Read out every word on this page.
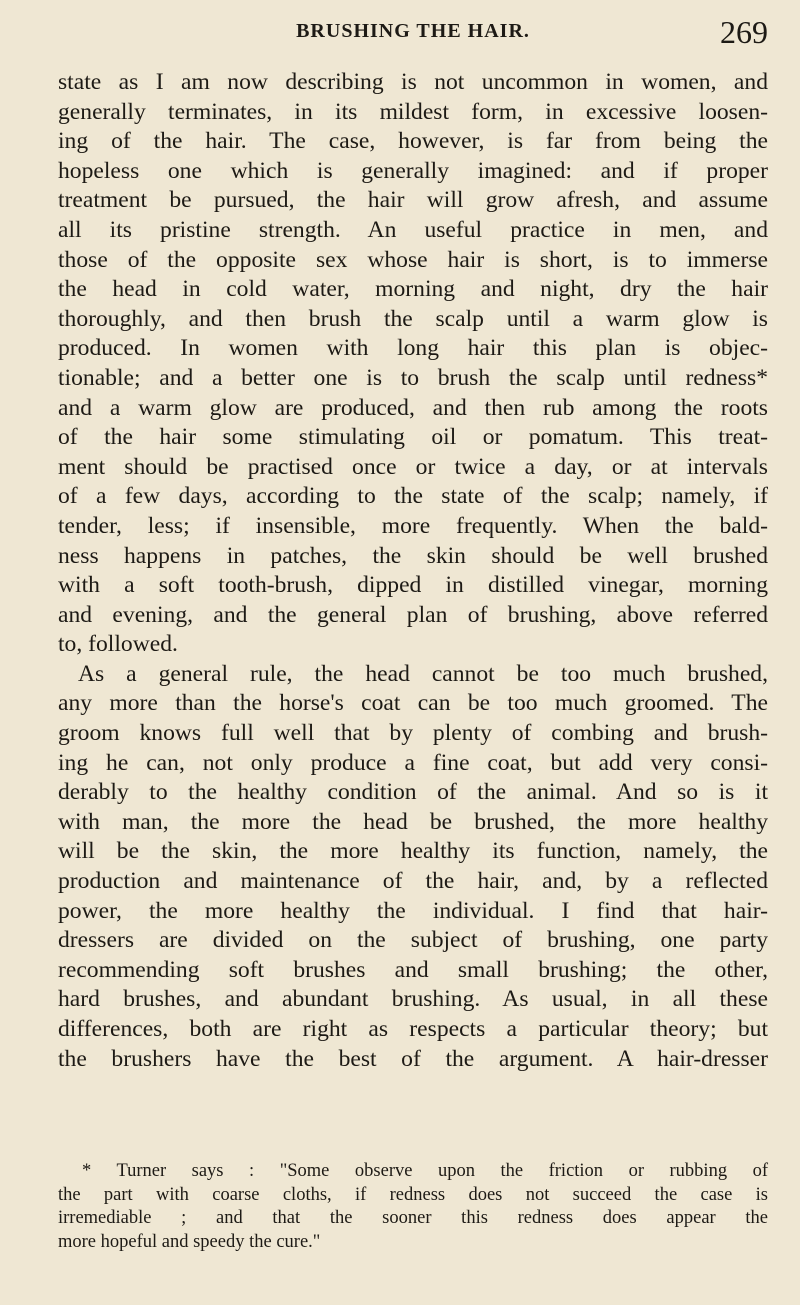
BRUSHING THE HAIR.	269

state as I am now describing is not uncommon in women, and

generally terminates, in its mildest form, in excessive loosen-

ing of the hair. The case, however, is far from being the

hopeless one which is generally imagined: and if proper

treatment be pursued, the hair will grow afresh, and assume

all its pristine strength. An useful practice in men, and

those of the opposite sex whose hair is short, is to immerse

the head in cold water, morning and night, dry the hair

thoroughly, and then brush the scalp until a warm glow is

produced. In women with long hair this plan is objec-

tionable; and a better one is to brush the scalp until redness*

and a warm glow are produced, and then rub among the roots

of the hair some stimulating oil or pomatum. This treat-

ment should be practised once or twice a day, or at intervals

of a few days, according to the state of the scalp; namely, if

tender, less; if insensible, more frequently. When the bald-

ness happens in patches, the skin should be well brushed

with a soft tooth-brush, dipped in distilled vinegar, morning

and evening, and the general plan of brushing, above referred

to, followed.

As a general rule, the head cannot be too much brushed,

any more than the horse's coat can be too much groomed. The

groom knows full well that by plenty of combing and brush-

ing he can, not only produce a fine coat, but add very consi-

derably to the healthy condition of the animal. And so is it

with man, the more the head be brushed, the more healthy

will be the skin, the more healthy its function, namely, the

production and maintenance of the hair, and, by a reflected

power, the more healthy the individual. I find that hair-

dressers are divided on the subject of brushing, one party

recommending soft brushes and small brushing; the other,

hard brushes, and abundant brushing. As usual, in all these

differences, both are right as respects a particular theory; but

the brushers have the best of the argument. A hair-dresser

* Turner says : "Some observe upon the friction or rubbing of
the part with coarse cloths, if redness does not succeed the case is
irremediable ; and that the sooner this redness does appear the
more hopeful and speedy the cure."
